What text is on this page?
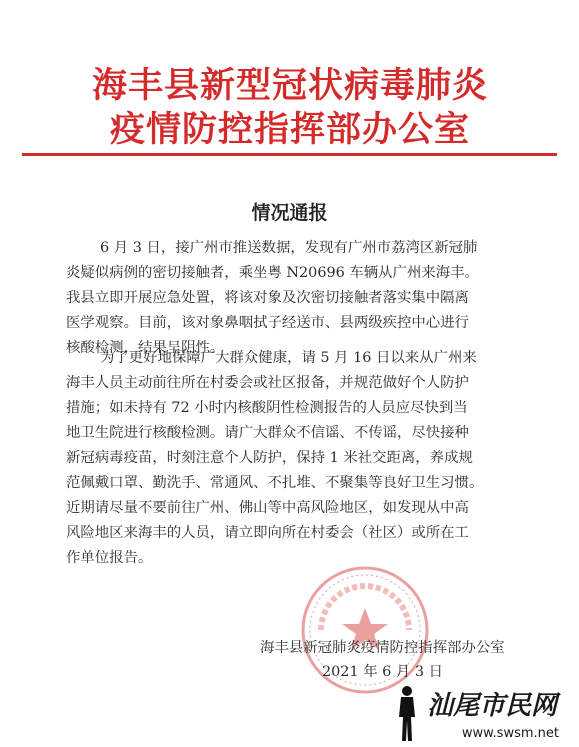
海丰县新型冠状病毒肺炎
疫情防控指挥部办公室
情况通报
6 月 3 日，接广州市推送数据，发现有广州市荔湾区新冠肺
炎疑似病例的密切接触者，乘坐粤 N20696 车辆从广州来海丰。
我县立即开展应急处置，将该对象及次密切接触者落实集中隔离
医学观察。目前，该对象鼻咽拭子经送市、县两级疾控中心进行
核酸检测，结果呈阴性。
为了更好地保障广大群众健康，请 5 月 16 日以来从广州来
海丰人员主动前往所在村委会或社区报备，并规范做好个人防护
措施；如未持有 72 小时内核酸阴性检测报告的人员应尽快到当
地卫生院进行核酸检测。请广大群众不信谣、不传谣，尽快接种
新冠病毒疫苗，时刻注意个人防护，保持 1 米社交距离，养成规
范佩戴口罩、勤洗手、常通风、不扎堆、不聚集等良好卫生习惯。
近期请尽量不要前往广州、佛山等中高风险地区，如发现从中高
风险地区来海丰的人员，请立即向所在村委会（社区）或所在工
作单位报告。
海丰县新冠肺炎疫情防控指挥部办公室
2021 年 6 月 3 日
汕尾市民网
www.swsm.net
